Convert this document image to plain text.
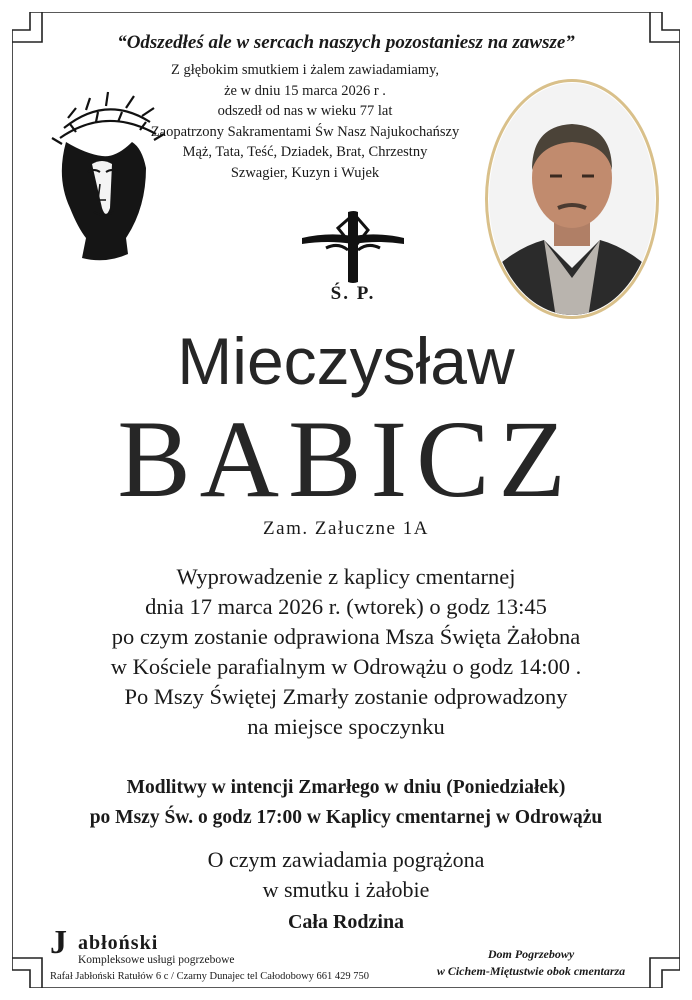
“Odszedłeś ale w sercach naszych pozostaniesz na zawsze”
Z głębokim smutkiem i żalem zawiadamiamy,
że w dniu 15 marca 2026 r .
odszedł od nas w wieku 77 lat
Zaopatrzony Sakramentami Św Nasz Najukochańszy
Mąż, Tata, Teść, Dziadek, Brat, Chrzestny
Szwagier, Kuzyn i Wujek
Ś. P.
Mieczysław
BABICZ
Zam. Załuczne 1A
Wyprowadzenie z kaplicy cmentarnej
dnia 17 marca 2026 r. (wtorek) o godz 13:45
po czym zostanie odprawiona Msza Święta Żałobna
w Kościele parafialnym w Odrowążu o godz 14:00 .
Po Mszy Świętej Zmarły zostanie odprowadzony
na miejsce spoczynku
Modlitwy w intencji Zmarłego w dniu (Poniedziałek)
po Mszy Św. o godz 17:00 w Kaplicy cmentarnej w Odrowążu
O czym zawiadamia pogrążona
w smutku i żałobie
Cała Rodzina
J abłoński
Kompleksowe usługi pogrzebowe
Rafał Jabłoński Ratułów 6 c / Czarny Dunajec tel Całodobowy 661 429 750
Dom Pogrzebowy
w Cichem-Miętustwie obok cmentarza
